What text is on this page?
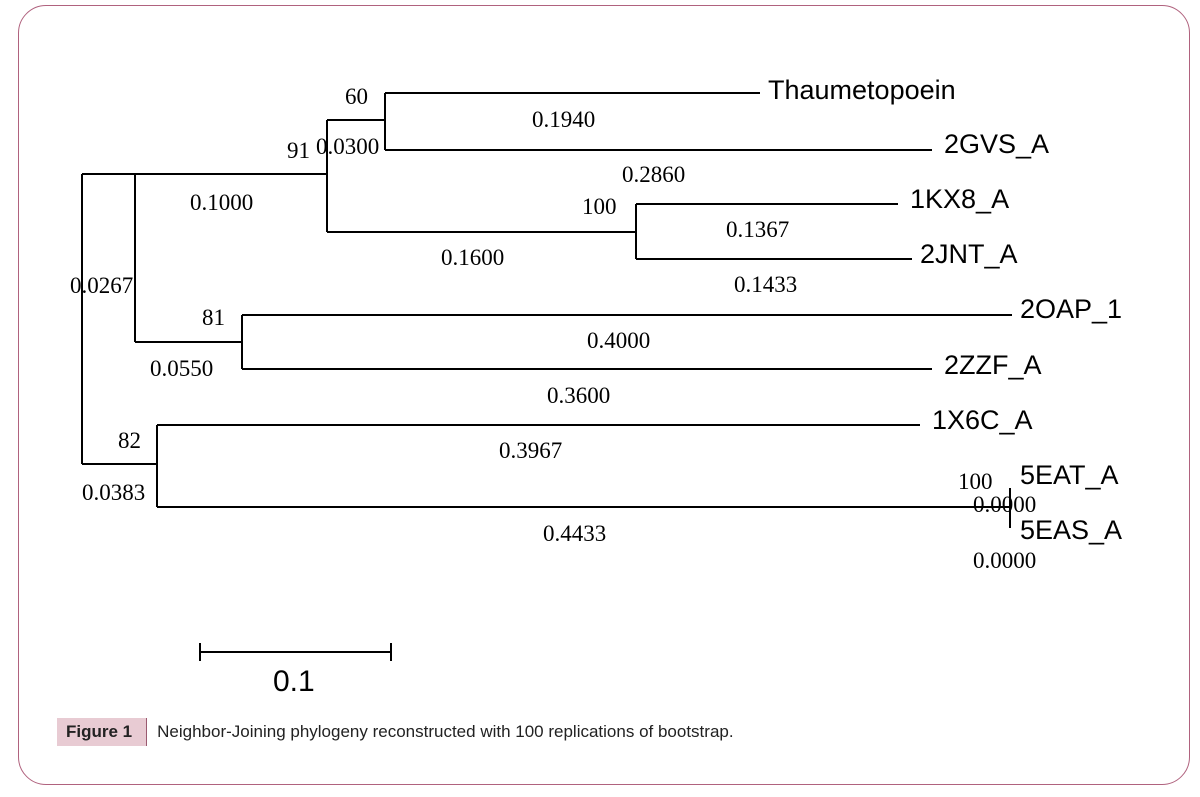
Thaumetopoein
2GVS_A
1KX8_A
2JNT_A
2OAP_1
2ZZF_A
1X6C_A
5EAT_A
5EAS_A
60
91
100
81
82
100
0.1940
0.0300
0.2860
0.1000
0.1367
0.1600
0.1433
0.0267
0.4000
0.0550
0.3600
0.3967
0.0383	0.0000
0.4433
0.0000
0.1
Figure 1	Neighbor-Joining phylogeny reconstructed with 100 replications of bootstrap.
